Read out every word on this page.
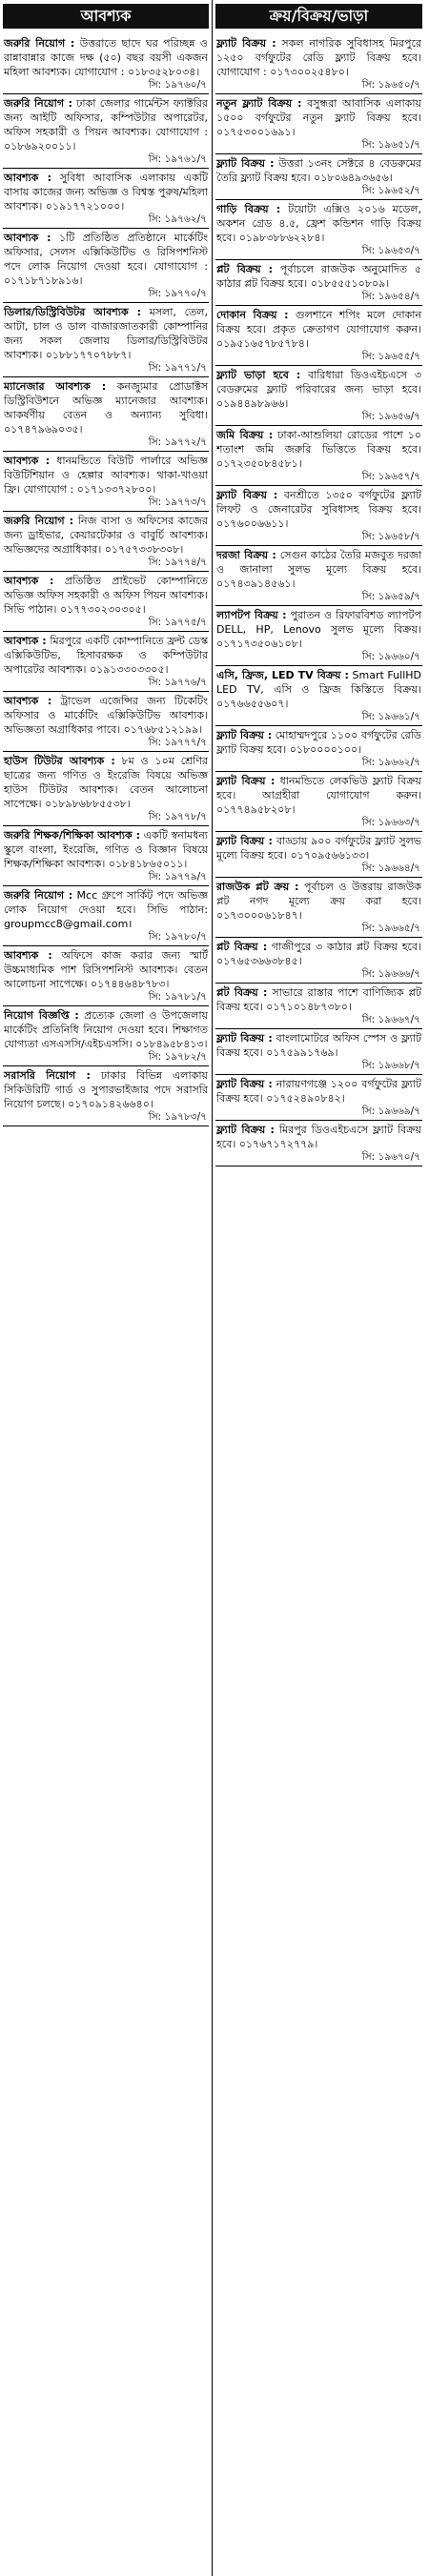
আবশ্যক
জরুরি নিয়োগ : উত্তরাতে ছাদে ঘর পরিচ্ছন্ন ও রান্নাবান্নার কাজে দক্ষ (৫০) বছর বয়সী একজন মহিলা আবশ্যক। যোগাযোগ : ০১৮৩৫২৮০৩৪।
সি: ১৯৭৬০/৭
জরুরি নিয়োগ : ঢাকা জেলার গার্মেন্টস ফ্যাক্টরির জন্য আইটি অফিসার, কম্পিউটার অপারেটর, অফিস সহকারী ও পিয়ন আবশ্যক। যোগাযোগ : ০১৮৬৯২০০১১।
সি: ১৯৭৬১/৭
আবশ্যক : সুবিধা আবাসিক এলাকায় একটি বাসায় কাজের জন্য অভিজ্ঞ ও বিশ্বস্ত পুরুষ/মহিলা আবশ্যক। ০১৯১৭৭২১০০০।
সি: ১৯৭৬২/৭
আবশ্যক : ১টি প্রতিষ্ঠিত প্রতিষ্ঠানে মার্কেটিং অফিসার, সেলস এক্সিকিউটিভ ও রিসিপশনিস্ট পদে লোক নিয়োগ দেওয়া হবে। যোগাযোগ : ০১৭১৮৭১৮৯১৬।
সি: ১৯৭৭০/৭
ডিলার/ডিস্ট্রিবিউটর আবশ্যক : মসলা, তেল, আটা, চাল ও ডাল বাজারজাতকারী কোম্পানির জন্য সকল জেলায় ডিলার/ডিস্ট্রিবিউটর আবশ্যক। ০১৮৮১৭৭০৭৮৮৭।
সি: ১৯৭৭১/৭
ম্যানেজার আবশ্যক : কনজ্যুমার প্রোডাক্টস ডিস্ট্রিবিউশনে অভিজ্ঞ ম্যানেজার আবশ্যক। আকর্ষণীয় বেতন ও অন্যান্য সুবিধা। ০১৭৪৭৯৬৯০৩৫।
সি: ১৯৭৭২/৭
আবশ্যক : ধানমন্ডিতে বিউটি পার্লারে অভিজ্ঞ বিউটিশিয়ান ও হেল্পার আবশ্যক। থাকা-খাওয়া ফ্রি। যোগাযোগ : ০১৭১৩৩৭২৮০০।
সি: ১৯৭৭৩/৭
জরুরি নিয়োগ : নিজ বাসা ও অফিসের কাজের জন্য ড্রাইভার, কেয়ারটেকার ও বাবুর্চি আবশ্যক। অভিজ্ঞদের অগ্রাধিকার। ০১৭৫৭৩৩৮৩০৮।
সি: ১৯৭৭৪/৭
আবশ্যক : প্রতিষ্ঠিত প্রাইভেট কোম্পানিতে অভিজ্ঞ অফিস সহকারী ও অফিস পিয়ন আবশ্যক। সিভি পাঠান। ০১৭৭৩০২৩০৩০৫।
সি: ১৯৭৭৫/৭
আবশ্যক : মিরপুরে একটি কোম্পানিতে ফ্রন্ট ডেস্ক এক্সিকিউটিভ, হিসাবরক্ষক ও কম্পিউটার অপারেটর আবশ্যক। ০১৯১৩৩০৩৩০৫।
সি: ১৯৭৭৬/৭
আবশ্যক : ট্রাভেল এজেন্সির জন্য টিকেটিং অফিসার ও মার্কেটিং এক্সিকিউটিভ আবশ্যক। অভিজ্ঞতা অগ্রাধিকার পাবে। ০১৭৬৮৫১২১৯৯।
সি: ১৯৭৭৭/৭
হাউস টিউটর আবশ্যক : ৮ম ও ১০ম শ্রেণির ছাত্রের জন্য গণিত ও ইংরেজি বিষয়ে অভিজ্ঞ হাউস টিউটর আবশ্যক। বেতন আলোচনা সাপেক্ষে। ০১৮৯৮৬৮৮৫৫৩৮।
সি: ১৯৭৭৮/৭
জরুরি শিক্ষক/শিক্ষিকা আবশ্যক : একটি স্বনামধন্য স্কুলে বাংলা, ইংরেজি, গণিত ও বিজ্ঞান বিষয়ে শিক্ষক/শিক্ষিকা আবশ্যক। ০১৮৪১৮৬৫০১১।
সি: ১৯৭৭৯/৭
জরুরি নিয়োগ : Mcc গ্রুপে সার্কিট পদে অভিজ্ঞ লোক নিয়োগ দেওয়া হবে। সিভি পাঠান: groupmcc8@gmail.com।
সি: ১৯৭৮০/৭
আবশ্যক : অফিসে কাজ করার জন্য স্মার্ট উচ্চমাধ্যমিক পাশ রিসিপশনিস্ট আবশ্যক। বেতন আলোচনা সাপেক্ষে। ০১৭৪৪৬৪৮৭৮৩।
সি: ১৯৭৮১/৭
নিয়োগ বিজ্ঞপ্তি : প্রত্যেক জেলা ও উপজেলায় মার্কেটিং প্রতিনিধি নিয়োগ দেওয়া হবে। শিক্ষাগত যোগ্যতা এসএসসি/এইচএসসি। ০১৮৪৯৫৮৪১৩।
সি: ১৯৭৮২/৭
সরাসরি নিয়োগ : ঢাকার বিভিন্ন এলাকায় সিকিউরিটি গার্ড ও সুপারভাইজার পদে সরাসরি নিয়োগ চলছে। ০১৭০৯১৪২৬৬৪০।
সি: ১৯৭৮৩/৭
ক্রয়/বিক্রয়/ভাড়া
ফ্ল্যাট বিক্রয় : সকল নাগরিক সুবিধাসহ মিরপুরে ১২৫০ বর্গফুটের রেডি ফ্ল্যাট বিক্রয় হবে। যোগাযোগ : ০১৭৩০০২৫৪৮০।
সি: ১৯৬৫০/৭
নতুন ফ্ল্যাট বিক্রয় : বসুন্ধরা আবাসিক এলাকায় ১৫০০ বর্গফুটের নতুন ফ্ল্যাট বিক্রয় হবে। ০১৭৫৩০০১৬৯১।
সি: ১৯৬৫১/৭
ফ্ল্যাট বিক্রয় : উত্তরা ১৩নং সেক্টরে ৪ বেডরুমের তৈরি ফ্ল্যাট বিক্রয় হবে। ০১৮০৬৪৯৩৬৫৬।
সি: ১৯৬৫২/৭
গাড়ি বিক্রয় : টয়োটা এক্সিও ২০১৬ মডেল, অকশন গ্রেড ৪.৫, ফ্রেশ কন্ডিশন গাড়ি বিক্রয় হবে। ০১৯৮৩৮৮৬২২৮৪।
সি: ১৯৬৫৩/৭
প্লট বিক্রয় : পূর্বাচলে রাজউক অনুমোদিত ৫ কাঠার প্লট বিক্রয় হবে। ০১৮৫৫৫১০৮০৯।
সি: ১৯৬৫৪/৭
দোকান বিক্রয় : গুলশানে শপিং মলে দোকান বিক্রয় হবে। প্রকৃত ক্রেতাগণ যোগাযোগ করুন। ০১৯৫১৬৫৭৮৫৭৮৪।
সি: ১৯৬৫৫/৭
ফ্ল্যাট ভাড়া হবে : বারিধারা ডিওএইচএসে ৩ বেডরুমের ফ্ল্যাট পরিবারের জন্য ভাড়া হবে। ০১৯৪৪৯৮৯৬৬।
সি: ১৯৬৫৬/৭
জমি বিক্রয় : ঢাকা-আশুলিয়া রোডের পাশে ১০ শতাংশ জমি জরুরি ভিত্তিতে বিক্রয় হবে। ০১৭২৩৫০৮৪৫৮১।
সি: ১৯৬৫৭/৭
ফ্ল্যাট বিক্রয় : বনশ্রীতে ১৩৫০ বর্গফুটের ফ্ল্যাট লিফট ও জেনারেটর সুবিধাসহ বিক্রয় হবে। ০১৭৬০০৬৬১১।
সি: ১৯৬৫৮/৭
দরজা বিক্রয় : সেগুন কাঠের তৈরি মজবুত দরজা ও জানালা সুলভ মূল্যে বিক্রয় হবে। ০১৭৪৩৯১৪৫৬১।
সি: ১৯৬৫৯/৭
ল্যাপটপ বিক্রয় : পুরাতন ও রিফারবিশড ল্যাপটপ DELL, HP, Lenovo সুলভ মূল্যে বিক্রয়। ০১৭১৭৩৫০৬১০৮।
সি: ১৯৬৬০/৭
এসি, ফ্রিজ, LED TV বিক্রয় : Smart FullHD LED TV, এসি ও ফ্রিজ কিস্তিতে বিক্রয়। ০১৭৬৬৫৫৬০৭।
সি: ১৯৬৬১/৭
ফ্ল্যাট বিক্রয় : মোহাম্মদপুরে ১১০০ বর্গফুটের রেডি ফ্ল্যাট বিক্রয় হবে। ০১৮০০০০১০০।
সি: ১৯৬৬২/৭
ফ্ল্যাট বিক্রয় : ধানমন্ডিতে লেকভিউ ফ্ল্যাট বিক্রয় হবে। আগ্রহীরা যোগাযোগ করুন। ০১৭৭৪৯৫৮২০৮।
সি: ১৯৬৬৩/৭
ফ্ল্যাট বিক্রয় : বাড্ডায় ৯০০ বর্গফুটের ফ্ল্যাট সুলভ মূল্যে বিক্রয় হবে। ০১৭০৯৫৬৬১৩৩।
সি: ১৯৬৬৪/৭
রাজউক প্লট ক্রয় : পূর্বাচল ও উত্তরায় রাজউক প্লট নগদ মূল্যে ক্রয় করা হবে। ০১৭৩০০০৬১৮৪৭।
সি: ১৯৬৬৫/৭
প্লট বিক্রয় : গাজীপুরে ৩ কাঠার প্লট বিক্রয় হবে। ০১৭৬৫৩৬৬৩৮৪৫।
সি: ১৯৬৬৬/৭
প্লট বিক্রয় : সাভারে রাস্তার পাশে বাণিজ্যিক প্লট বিক্রয় হবে। ০১৭১০১৪৮৭৩৮০।
সি: ১৯৬৬৭/৭
ফ্ল্যাট বিক্রয় : বাংলামোটরে অফিস স্পেস ও ফ্ল্যাট বিক্রয় হবে। ০১৭৫৯৯১৭৬৯।
সি: ১৯৬৬৮/৭
ফ্ল্যাট বিক্রয় : নারায়ণগঞ্জে ১২০০ বর্গফুটের ফ্ল্যাট বিক্রয় হবে। ০১৭৫২৪৯০৮৪২।
সি: ১৯৬৬৯/৭
ফ্ল্যাট বিক্রয় : মিরপুর ডিওএইচএসে ফ্ল্যাট বিক্রয় হবে। ০১৭৬৭১৭২৭৭৯।
সি: ১৯৬৭০/৭
